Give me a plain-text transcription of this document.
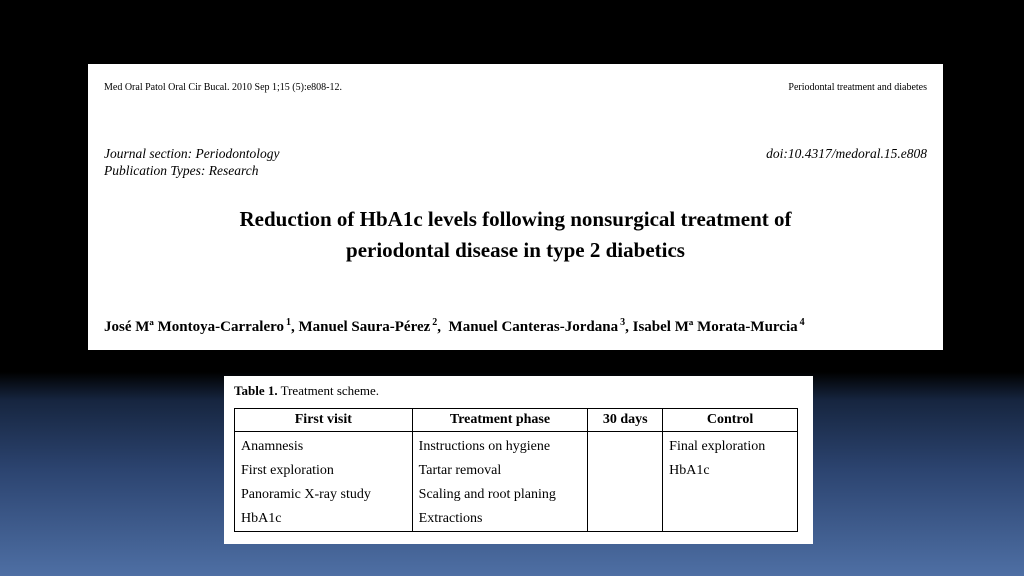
Med Oral Patol Oral Cir Bucal. 2010 Sep 1;15 (5):e808-12.	Periodontal treatment and diabetes
Journal section: Periodontology
Publication Types: Research
doi:10.4317/medoral.15.e808
Reduction of HbA1c levels following nonsurgical treatment of
periodontal disease in type 2 diabetics
José Mª Montoya-Carralero $^1$, Manuel Saura-Pérez $^2$,  Manuel Canteras-Jordana $^3$, Isabel Mª Morata-Murcia $^4$
Table 1. Treatment scheme.
First visit	Treatment phase	30 days	Control
Anamnesis	Instructions on hygiene		Final exploration
First exploration	Tartar removal		HbA1c
Panoramic X-ray study	Scaling and root planing		
HbA1c	Extractions		
